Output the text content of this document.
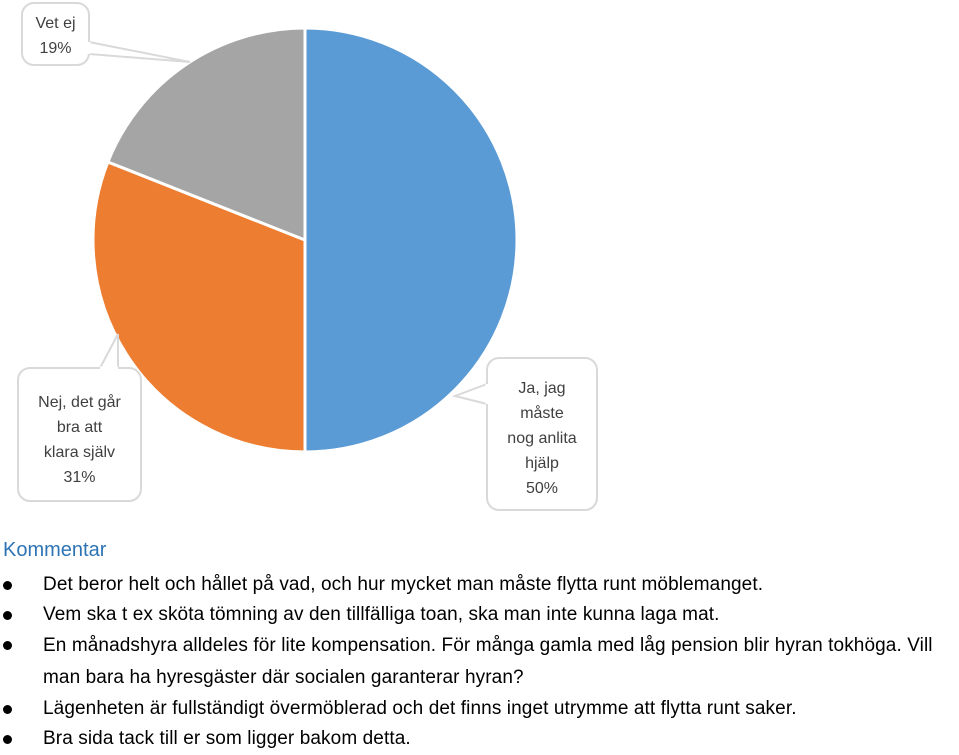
Ja, jag
måste
nog anlita
hjälp
50%
Nej, det går
bra att
klara själv
31%
Vet ej
19%
Kommentar
Det beror helt och hållet på vad, och hur mycket man måste flytta runt möblemanget.
Vem ska t ex sköta tömning av den tillfälliga toan, ska man inte kunna laga mat.
En månadshyra alldeles för lite kompensation. För många gamla med låg pension blir hyran tokhöga. Vill man bara ha hyresgäster där socialen garanterar hyran?
Lägenheten är fullständigt övermöblerad och det finns inget utrymme att flytta runt saker.
Bra sida tack till er som ligger bakom detta.
